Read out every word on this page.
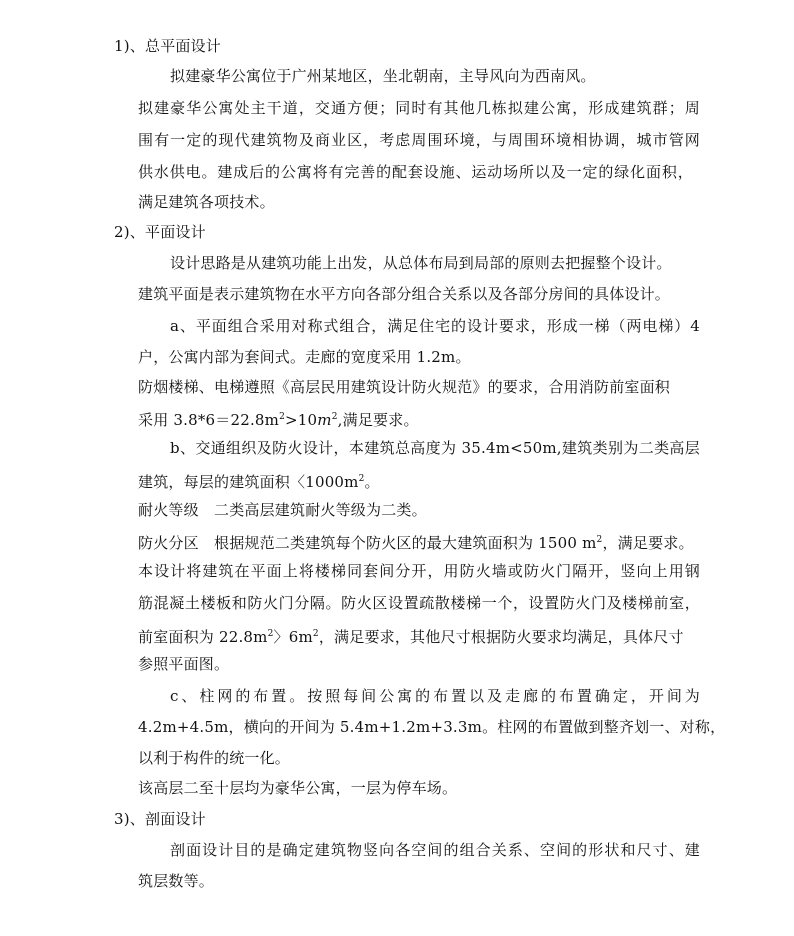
1)、总平面设计

拟建豪华公寓位于广州某地区，坐北朝南，主导风向为西南风。

拟建豪华公寓处主干道，交通方便；同时有其他几栋拟建公寓，形成建筑群；周

围有一定的现代建筑物及商业区，考虑周围环境，与周围环境相协调，城市管网

供水供电。建成后的公寓将有完善的配套设施、运动场所以及一定的绿化面积，

满足建筑各项技术。

2)、平面设计

设计思路是从建筑功能上出发，从总体布局到局部的原则去把握整个设计。

建筑平面是表示建筑物在水平方向各部分组合关系以及各部分房间的具体设计。

a、平面组合采用对称式组合，满足住宅的设计要求，形成一梯（两电梯）4

户，公寓内部为套间式。走廊的宽度采用 1.2m。

防烟楼梯、电梯遵照《高层民用建筑设计防火规范》的要求，合用消防前室面积

采用 $3.8*6=22.8m^2>10m^2$,满足要求。

b、交通组织及防火设计，本建筑总高度为 35.4m<50m,建筑类别为二类高层

建筑，每层的建筑面积〈$1000m^2$。

耐火等级　二类高层建筑耐火等级为二类。

防火分区　根据规范二类建筑每个防火区的最大建筑面积为 1500 $m^2$，满足要求。

本设计将建筑在平面上将楼梯同套间分开，用防火墙或防火门隔开，竖向上用钢

筋混凝土楼板和防火门分隔。防火区设置疏散楼梯一个，设置防火门及楼梯前室，

前室面积为 $22.8m^2$〉$6m^2$，满足要求，其他尺寸根据防火要求均满足，具体尺寸

参照平面图。

c、柱网的布置。按照每间公寓的布置以及走廊的布置确定，开间为

4.2m+4.5m，横向的开间为 5.4m+1.2m+3.3m。柱网的布置做到整齐划一、对称，

以利于构件的统一化。

该高层二至十层均为豪华公寓，一层为停车场。

3)、剖面设计

剖面设计目的是确定建筑物竖向各空间的组合关系、空间的形状和尺寸、建

筑层数等。
